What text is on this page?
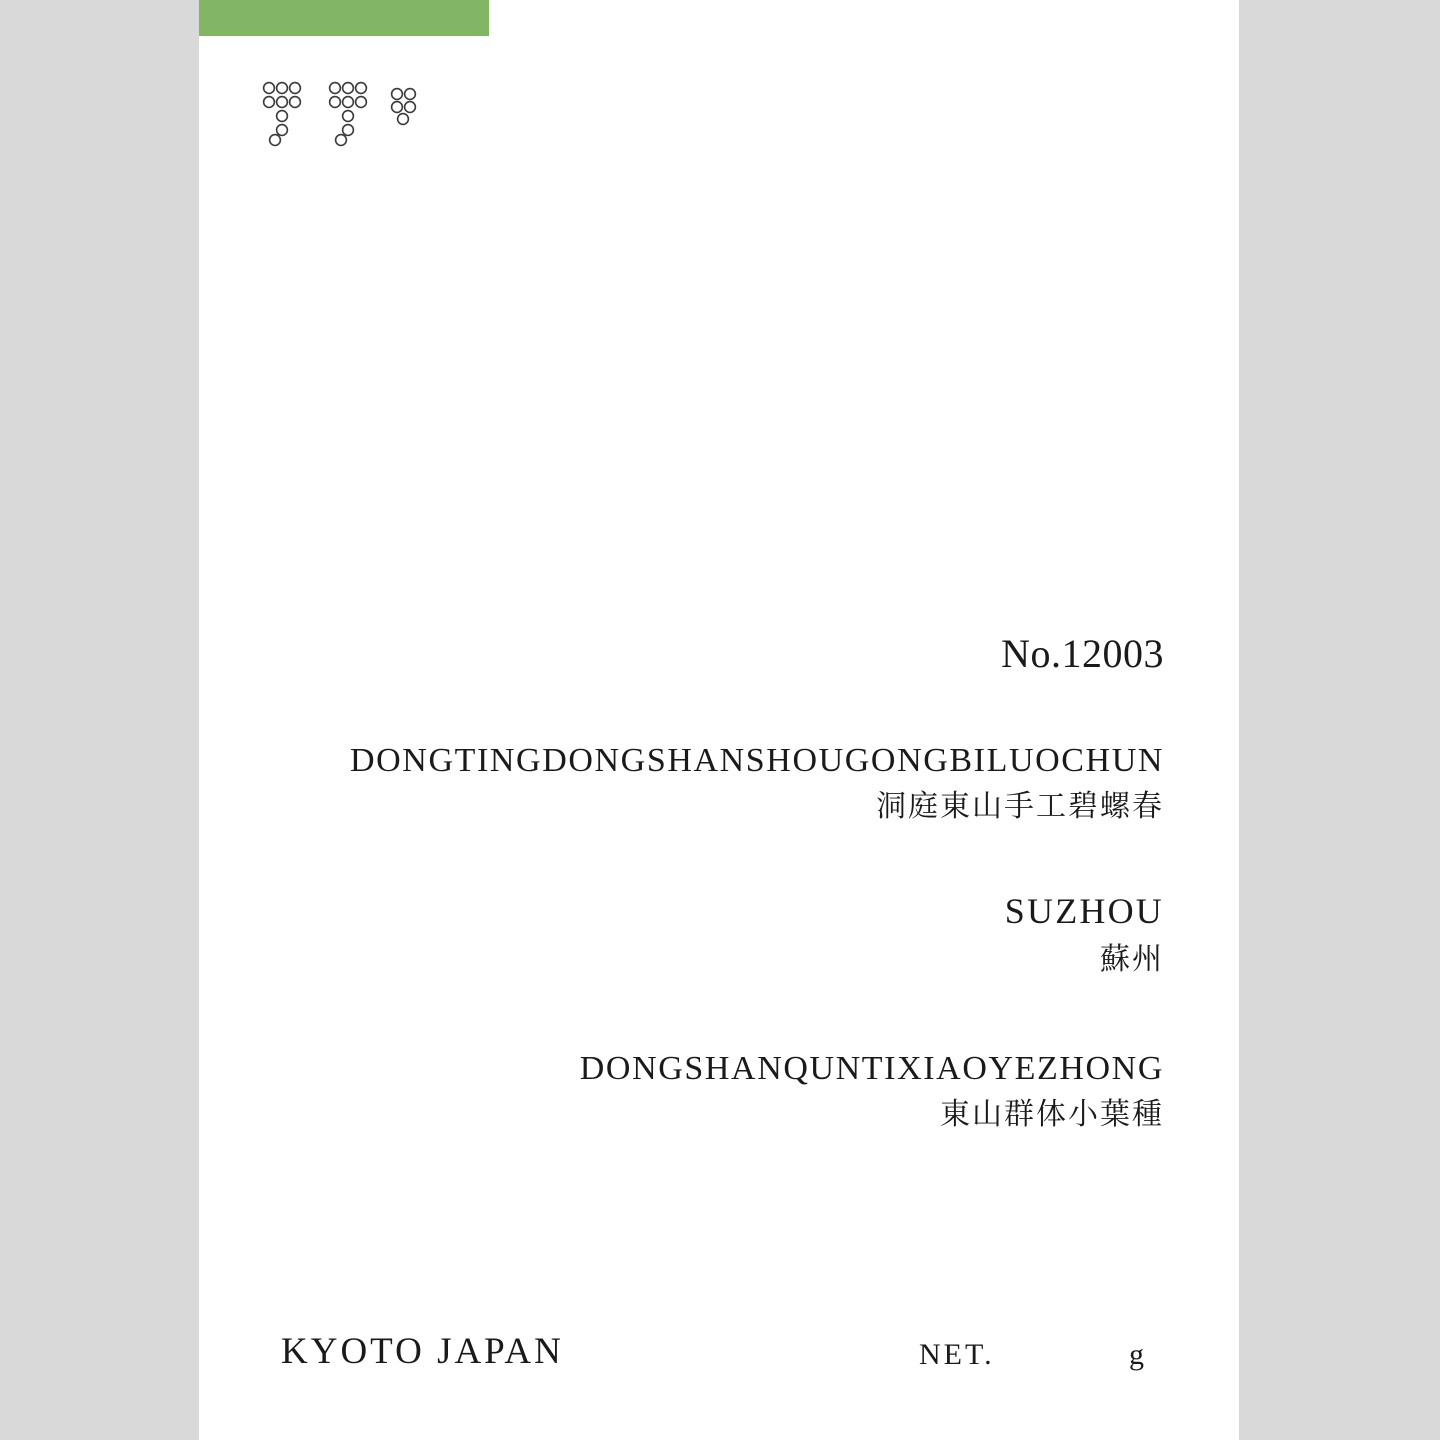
No.12003
DONGTINGDONGSHANSHOUGONGBILUOCHUN
洞庭東山手工碧螺春
SUZHOU
蘇州
DONGSHANQUNTIXIAOYEZHONG
東山群体小葉種
KYOTO JAPAN	NET.	g
